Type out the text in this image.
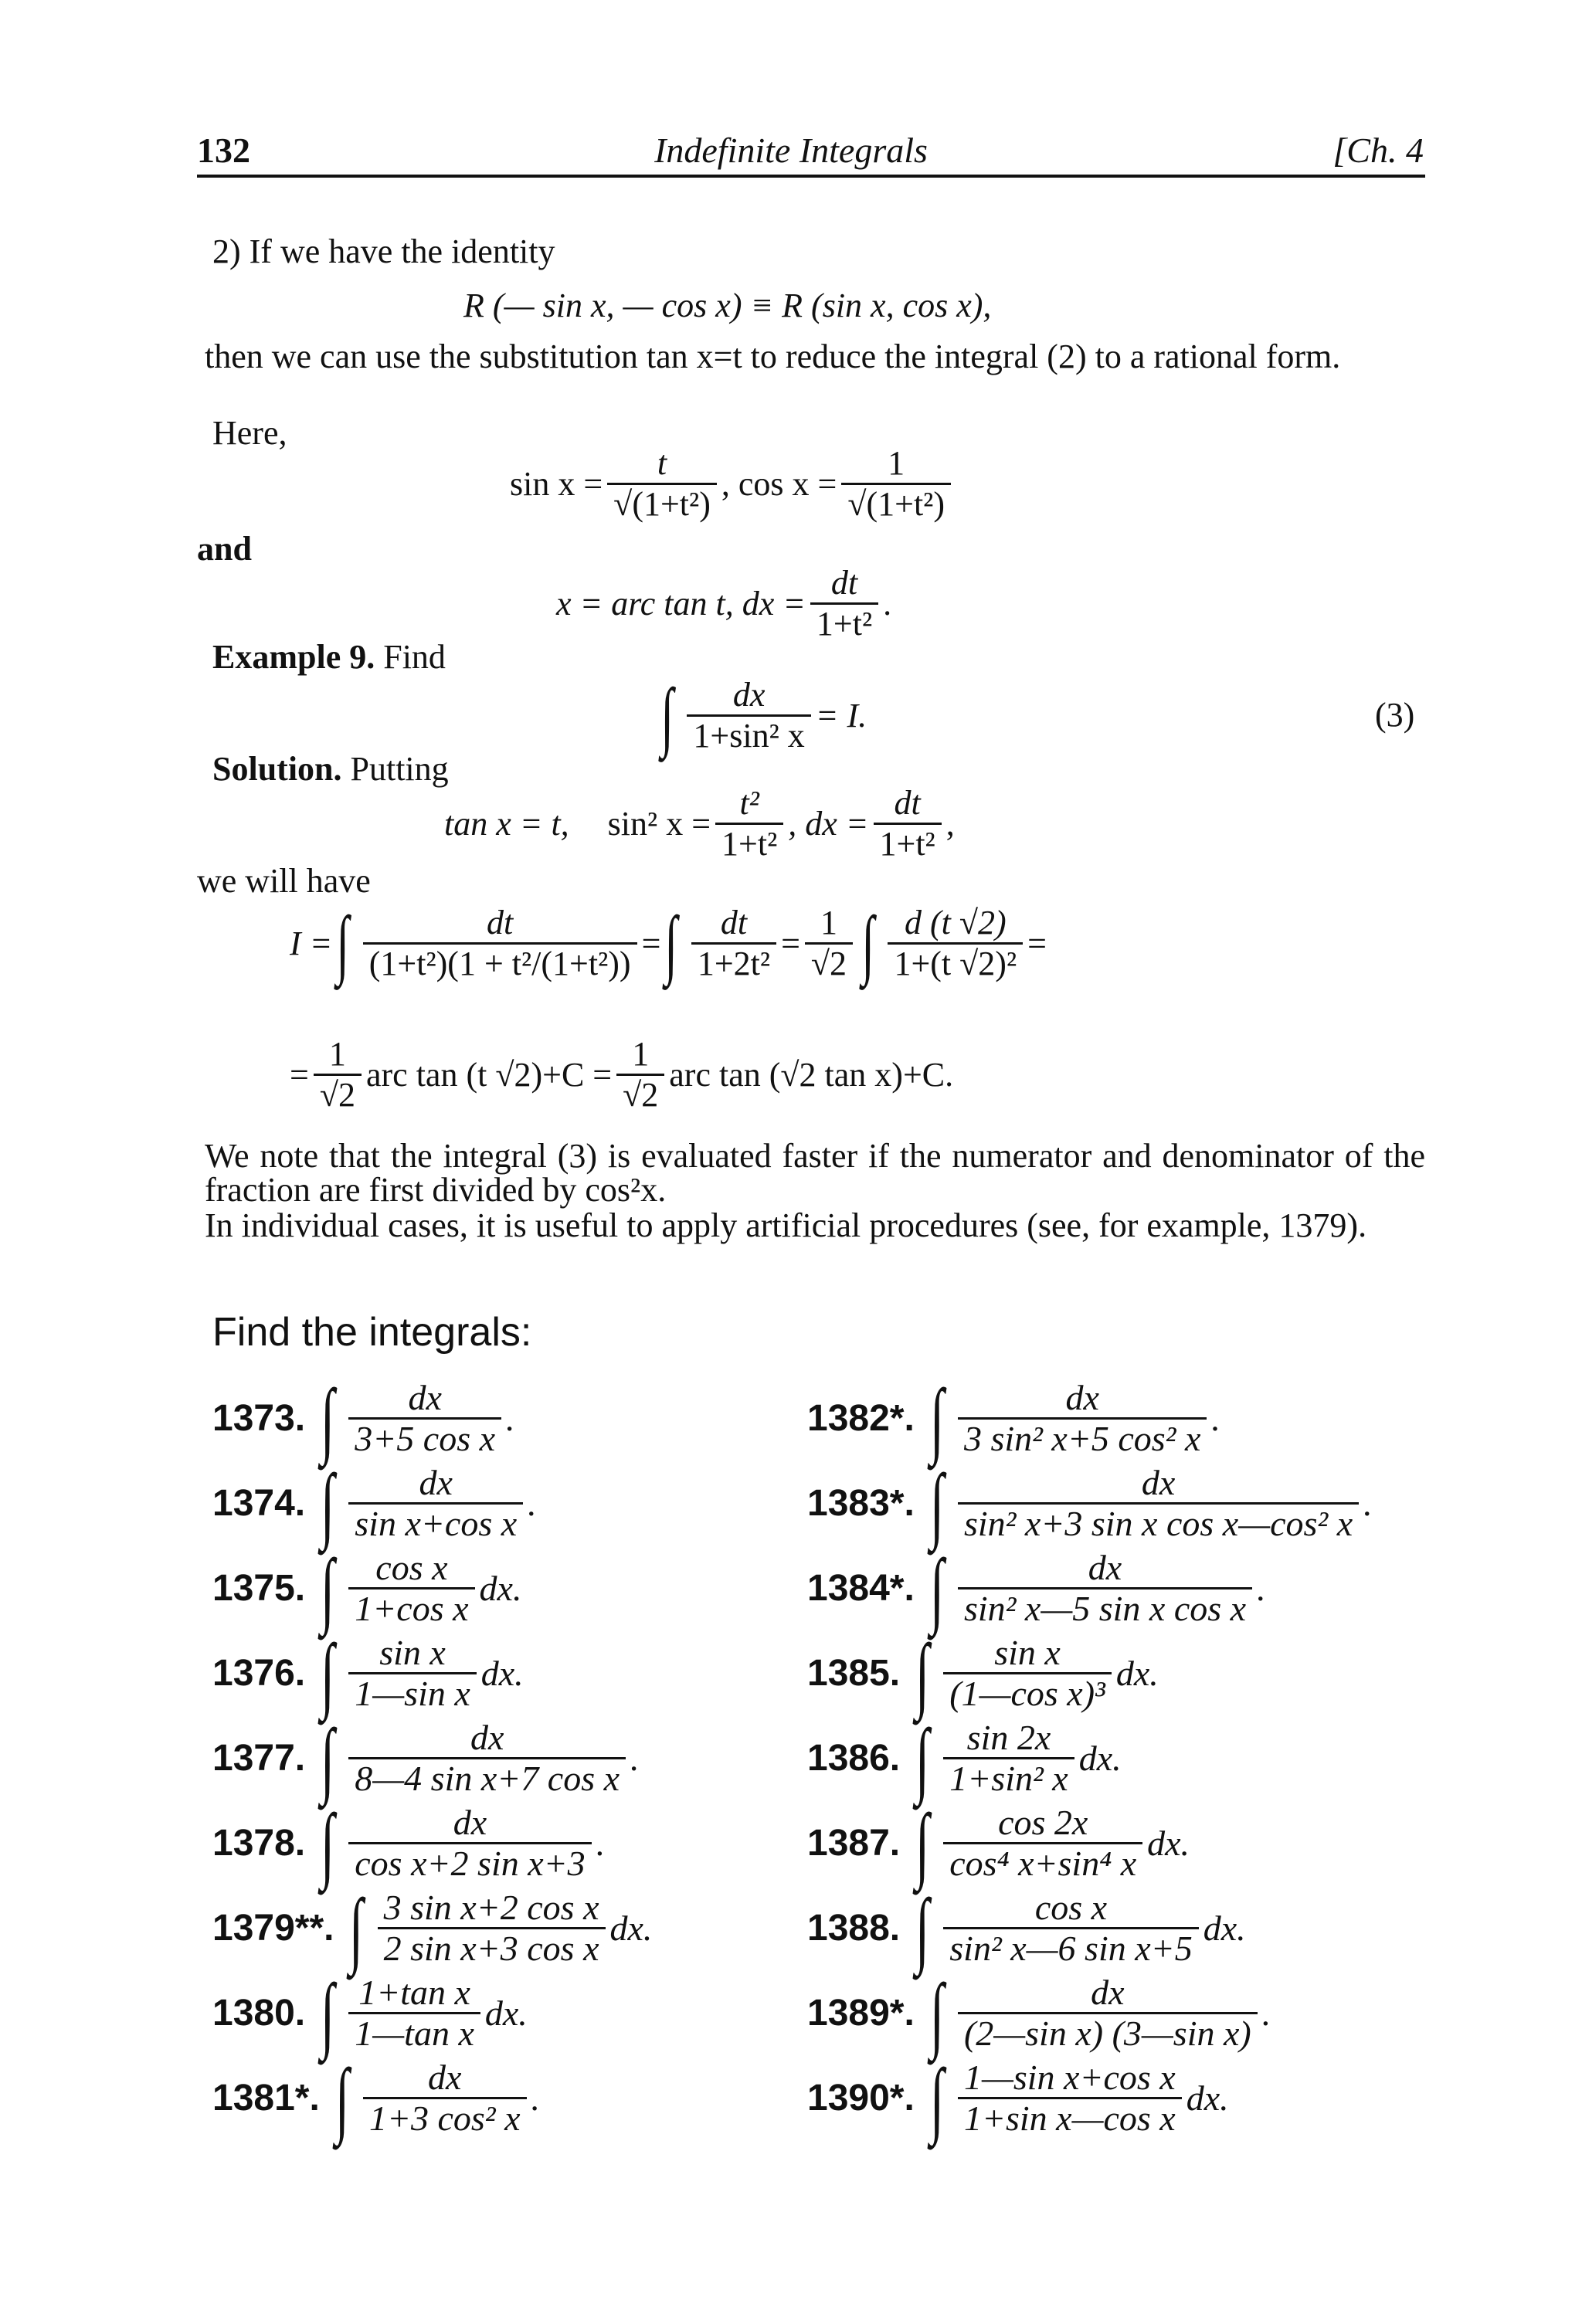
132	Indefinite Integrals	[Ch. 4
2) If we have the identity
R (— sin x, — cos x) ≡ R (sin x, cos x),
then we can use the substitution tan x=t to reduce the integral (2) to a rational form.
Here,
$\sin x = \frac{t}{\text{√(1+t²)}}$ , $\cos x = \frac{1}{\text{√(1+t²)}}$
and
x = arc tan t, dx = $\frac{dt}{\text{1+t²}}$ .
Example 9. Find
∫ $\frac{dx}{\text{1+sin² x}} = I$.	(3)
Solution. Putting
tan x = t, sin² $x = \frac{\text{t²}}{\text{1+t²}}$ , dx = $\frac{dt}{\text{1+t²}}$ ,
we will have
I = ∫ $\frac{dt}{\text{(1+t²)(1 + t²/(1+t²))}}$ = ∫ $\frac{dt}{\text{1+2t²}} = \frac{1}{√2}$ ∫ $\frac{d (t √2)}{\text{1+(t √2)²}}$ =
= $\frac{1}{√2}$ arc tan (t $√2)+C = \frac{1}{√2}$ arc tan (√2 tan x)+C.
We note that the integral (3) is evaluated faster if the numerator and denominator of the fraction are first divided by cos²x.
In individual cases, it is useful to apply artificial procedures (see, for example, 1379).
Find the integrals:
1373. ∫ $\frac{dx}{\text{3+5 cos x}}$ .
1374. ∫ $\frac{dx}{\text{sin x+cos x}}$ .
1375. ∫ $\frac{\text{cos x}}{\text{1+cos x}}$ dx.
1376. ∫ $\frac{\text{sin x}}{\text{1—sin x}}$ dx.
1377. ∫ $\frac{dx}{\text{8—4 sin x+7 cos x}}$ .
1378. ∫ $\frac{dx}{\text{cos x+2 sin x+3}}$ .
1379**. ∫ $\frac{\text{3 sin x+2 cos x}}{\text{2 sin x+3 cos x}}$ dx.
1380. ∫ $\frac{\text{1+tan x}}{\text{1—tan x}}$ dx.
1381*. ∫ $\frac{dx}{\text{1+3 cos² x}}$ .
1382*. ∫ $\frac{dx}{\text{3 sin² x+5 cos² x}}$ .
1383*. ∫ $\frac{dx}{\text{sin² x+3 sin x cos x—cos² x}}$ .
1384*. ∫ $\frac{dx}{\text{sin² x—5 sin x cos x}}$ .
1385. ∫ $\frac{\text{sin x}}{\text{(1—cos x)³}}$ dx.
1386. ∫ $\frac{\sin 2x}{\text{1+sin² x}}$ dx.
1387. ∫ $\frac{\cos 2x}{\text{cos⁴ x+sin⁴ x}}$ dx.
1388. ∫ $\frac{\text{cos x}}{\text{sin² x—6 sin x+5}}$ dx.
1389*. ∫ $\frac{dx}{\text{(2—sin x) (3—sin x)}}$ .
1390*. ∫ $\frac{\text{1—sin x+cos x}}{\text{1+sin x—cos x}}$ dx.
